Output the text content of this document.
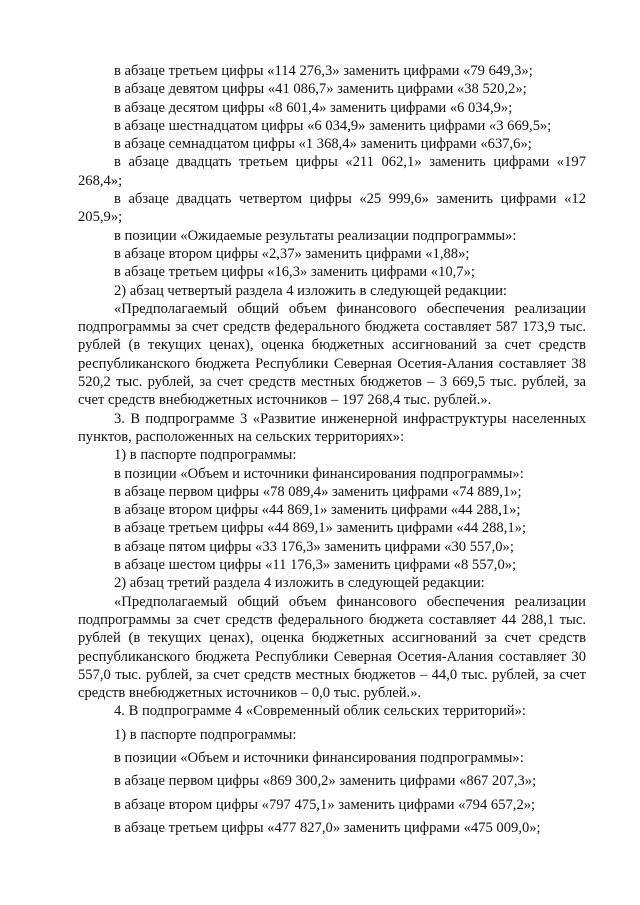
в абзаце третьем цифры «114 276,3» заменить цифрами «79 649,3»;

в абзаце девятом цифры «41 086,7» заменить цифрами «38 520,2»;

в абзаце десятом цифры «8 601,4» заменить цифрами «6 034,9»;

в абзаце шестнадцатом цифры «6 034,9» заменить цифрами «3 669,5»;

в абзаце семнадцатом цифры «1 368,4» заменить цифрами «637,6»;

в абзаце двадцать третьем цифры «211 062,1» заменить цифрами «197 268,4»;

в абзаце двадцать четвертом цифры «25 999,6» заменить цифрами «12 205,9»;

в позиции «Ожидаемые результаты реализации подпрограммы»:

в абзаце втором цифры «2,37» заменить цифрами «1,88»;

в абзаце третьем цифры «16,3» заменить цифрами «10,7»;

2) абзац четвертый раздела 4 изложить в следующей редакции:

«Предполагаемый общий объем финансового обеспечения реализации подпрограммы за счет средств федерального бюджета составляет 587 173,9 тыс. рублей (в текущих ценах), оценка бюджетных ассигнований за счет средств республиканского бюджета Республики Северная Осетия-Алания составляет 38 520,2 тыс. рублей, за счет средств местных бюджетов – 3 669,5 тыс. рублей, за счет средств внебюджетных источников – 197 268,4 тыс. рублей.».

3. В подпрограмме 3 «Развитие инженерной инфраструктуры населенных пунктов, расположенных на сельских территориях»:

1) в паспорте подпрограммы:

в позиции «Объем и источники финансирования подпрограммы»:

в абзаце первом цифры «78 089,4» заменить цифрами «74 889,1»;

в абзаце втором цифры «44 869,1» заменить цифрами «44 288,1»;

в абзаце третьем цифры «44 869,1» заменить цифрами «44 288,1»;

в абзаце пятом цифры «33 176,3» заменить цифрами «30 557,0»;

в абзаце шестом цифры «11 176,3» заменить цифрами «8 557,0»;

2) абзац третий раздела 4 изложить в следующей редакции:

«Предполагаемый общий объем финансового обеспечения реализации подпрограммы за счет средств федерального бюджета составляет 44 288,1 тыс. рублей (в текущих ценах), оценка бюджетных ассигнований за счет средств республиканского бюджета Республики Северная Осетия-Алания составляет 30 557,0 тыс. рублей, за счет средств местных бюджетов – 44,0 тыс. рублей, за счет средств внебюджетных источников – 0,0 тыс. рублей.».

4. В подпрограмме 4 «Современный облик сельских территорий»:

1) в паспорте подпрограммы:

в позиции «Объем и источники финансирования подпрограммы»:

в абзаце первом цифры «869 300,2» заменить цифрами «867 207,3»;

в абзаце втором цифры «797 475,1» заменить цифрами «794 657,2»;

в абзаце третьем цифры «477 827,0» заменить цифрами «475 009,0»;
